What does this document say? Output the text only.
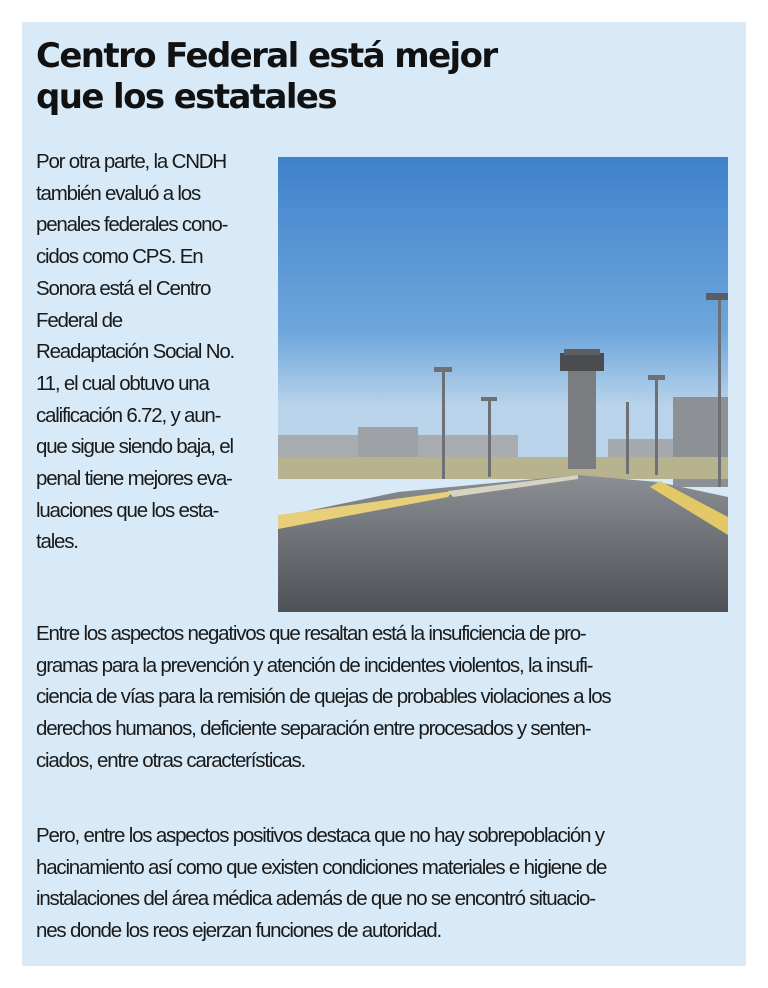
Centro Federal está mejor
que los estatales
Por otra parte, la CNDH
también evaluó a los
penales federales cono-
cidos como CPS. En
Sonora está el Centro
Federal de
Readaptación Social No.
11, el cual obtuvo una
calificación 6.72, y aun-
que sigue siendo baja, el
penal tiene mejores eva-
luaciones que los esta-
tales.
Entre los aspectos negativos que resaltan está la insuficiencia de pro-
gramas para la prevención y atención de incidentes violentos, la insufi-
ciencia de vías para la remisión de quejas de probables violaciones a los
derechos humanos, deficiente separación entre procesados y senten-
ciados, entre otras características.
Pero, entre los aspectos positivos destaca que no hay sobrepoblación y
hacinamiento así como que existen condiciones materiales e higiene de
instalaciones del área médica además de que no se encontró situacio-
nes donde los reos ejerzan funciones de autoridad.
